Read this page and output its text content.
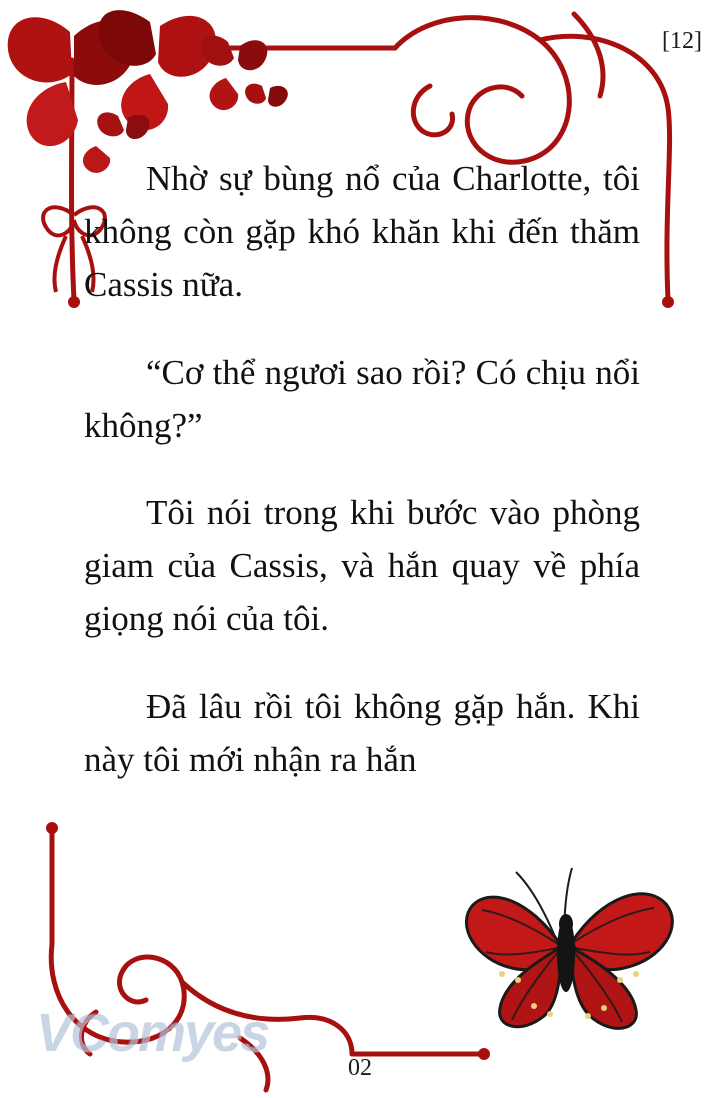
[12]

Nhờ sự bùng nổ của Charlotte, tôi không còn gặp khó khăn khi đến thăm Cassis nữa.

“Cơ thể ngươi sao rồi? Có chịu nổi không?”

Tôi nói trong khi bước vào phòng giam của Cassis, và hắn quay về phía giọng nói của tôi.

Đã lâu rồi tôi không gặp hắn. Khi này tôi mới nhận ra hắn

VComyes
02
